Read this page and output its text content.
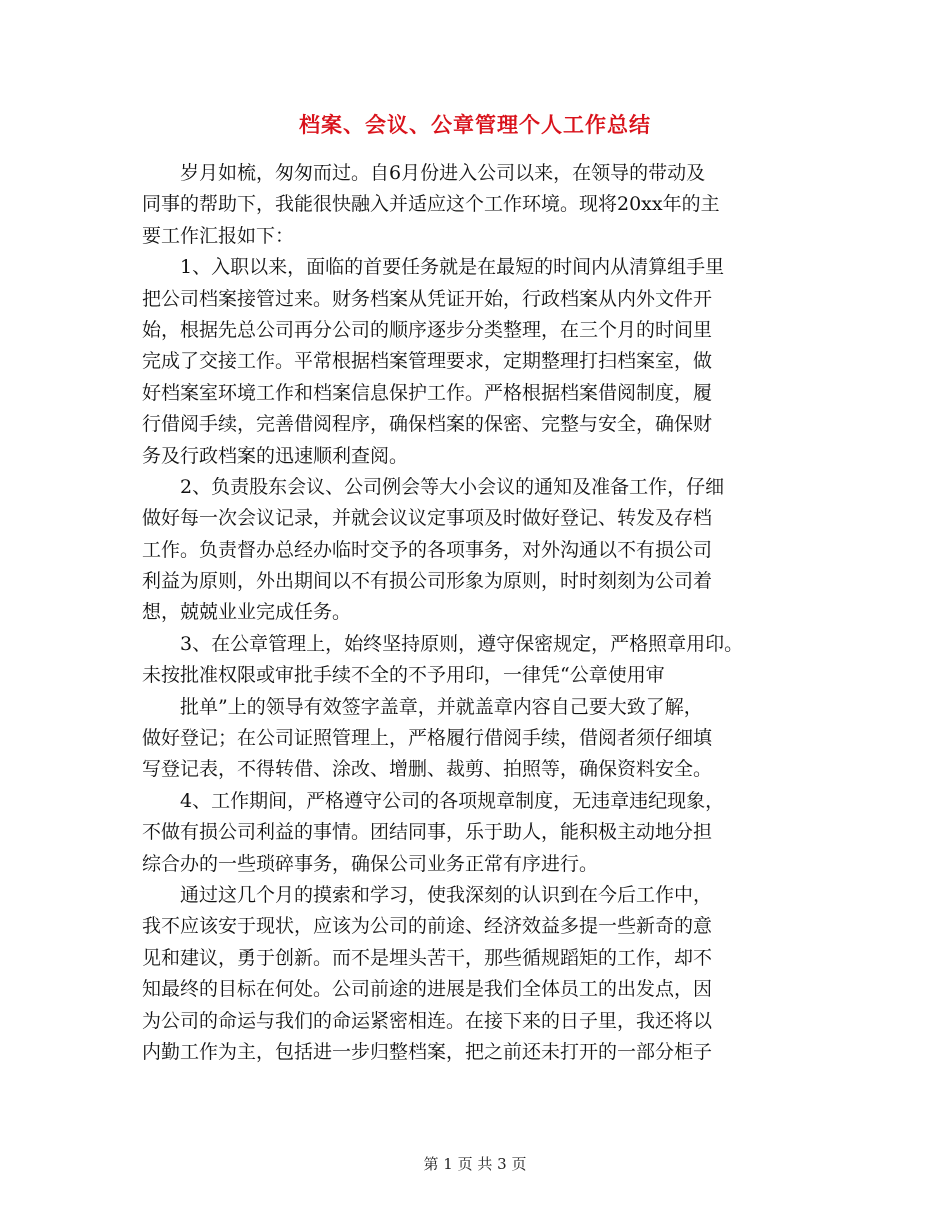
档案、会议、公章管理个人工作总结
　　岁月如梳，匆匆而过。自6月份进入公司以来，在领导的带动及
同事的帮助下，我能很快融入并适应这个工作环境。现将20xx年的主
要工作汇报如下：
　　1、入职以来，面临的首要任务就是在最短的时间内从清算组手里
把公司档案接管过来。财务档案从凭证开始，行政档案从内外文件开
始，根据先总公司再分公司的顺序逐步分类整理，在三个月的时间里
完成了交接工作。平常根据档案管理要求，定期整理打扫档案室，做
好档案室环境工作和档案信息保护工作。严格根据档案借阅制度，履
行借阅手续，完善借阅程序，确保档案的保密、完整与安全，确保财
务及行政档案的迅速顺利查阅。
　　2、负责股东会议、公司例会等大小会议的通知及准备工作，仔细
做好每一次会议记录，并就会议议定事项及时做好登记、转发及存档
工作。负责督办总经办临时交予的各项事务，对外沟通以不有损公司
利益为原则，外出期间以不有损公司形象为原则，时时刻刻为公司着
想，兢兢业业完成任务。
　　3、在公章管理上，始终坚持原则，遵守保密规定，严格照章用印。
未按批准权限或审批手续不全的不予用印，一律凭“公章使用审
　　批单”上的领导有效签字盖章，并就盖章内容自己要大致了解，
做好登记；在公司证照管理上，严格履行借阅手续，借阅者须仔细填
写登记表，不得转借、涂改、增删、裁剪、拍照等，确保资料安全。
　　4、工作期间，严格遵守公司的各项规章制度，无违章违纪现象，
不做有损公司利益的事情。团结同事，乐于助人，能积极主动地分担
综合办的一些琐碎事务，确保公司业务正常有序进行。
　　通过这几个月的摸索和学习，使我深刻的认识到在今后工作中，
我不应该安于现状，应该为公司的前途、经济效益多提一些新奇的意
见和建议，勇于创新。而不是埋头苦干，那些循规蹈矩的工作，却不
知最终的目标在何处。公司前途的进展是我们全体员工的出发点，因
为公司的命运与我们的命运紧密相连。在接下来的日子里，我还将以
内勤工作为主，包括进一步归整档案，把之前还未打开的一部分柜子
第 1 页 共 3 页
